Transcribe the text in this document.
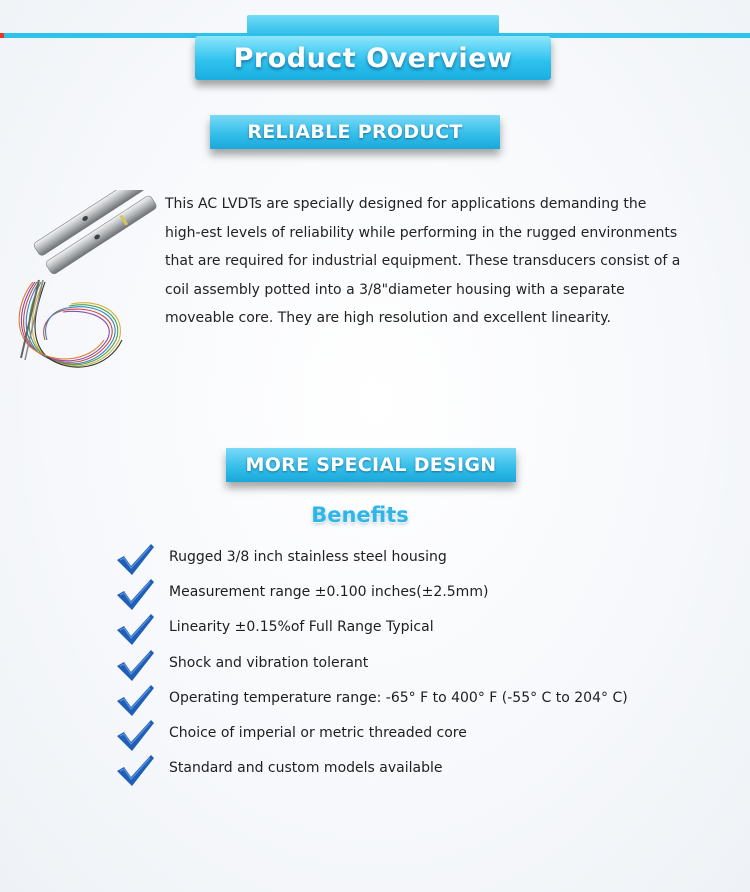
Product Overview
RELIABLE PRODUCT

This AC LVDTs are specially designed for applications demanding the high-est levels of reliability while performing in the rugged environments that are required for industrial equipment. These transducers consist of a coil assembly potted into a 3/8"diameter housing with a separate moveable core. They are high resolution and excellent linearity.

MORE SPECIAL DESIGN
Benefits
Rugged 3/8 inch stainless steel housing
Measurement range ±0.100 inches(±2.5mm)
Linearity ±0.15%of Full Range Typical
Shock and vibration tolerant
Operating temperature range: -65° F to 400° F (-55° C to 204° C)
Choice of imperial or metric threaded core
Standard and custom models available
